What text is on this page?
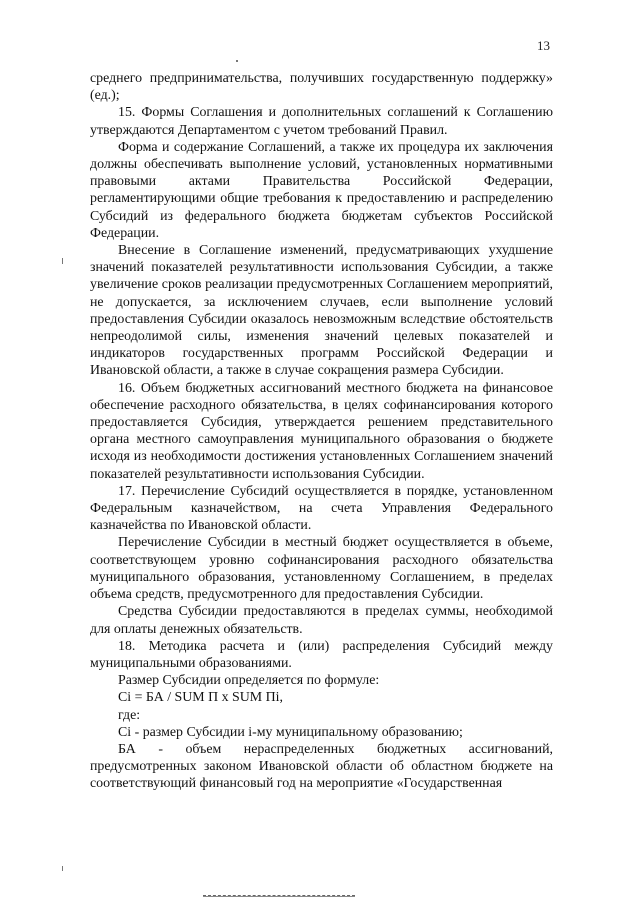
13

среднего предпринимательства, получивших государственную поддержку» (ед.);

15. Формы Соглашения и дополнительных соглашений к Соглашению утверждаются Департаментом с учетом требований Правил.

Форма и содержание Соглашений, а также их процедура их заключения должны обеспечивать выполнение условий, установленных нормативными правовыми актами Правительства Российской Федерации, регламентирующими общие требования к предоставлению и распределению Субсидий из федерального бюджета бюджетам субъектов Российской Федерации.

Внесение в Соглашение изменений, предусматривающих ухудшение значений показателей результативности использования Субсидии, а также увеличение сроков реализации предусмотренных Соглашением мероприятий, не допускается, за исключением случаев, если выполнение условий предоставления Субсидии оказалось невозможным вследствие обстоятельств непреодолимой силы, изменения значений целевых показателей и индикаторов государственных программ Российской Федерации и Ивановской области, а также в случае сокращения размера Субсидии.

16. Объем бюджетных ассигнований местного бюджета на финансовое обеспечение расходного обязательства, в целях софинансирования которого предоставляется Субсидия, утверждается решением представительного органа местного самоуправления муниципального образования о бюджете исходя из необходимости достижения установленных Соглашением значений показателей результативности использования Субсидии.

17. Перечисление Субсидий осуществляется в порядке, установленном Федеральным казначейством, на счета Управления Федерального казначейства по Ивановской области.

Перечисление Субсидии в местный бюджет осуществляется в объеме, соответствующем уровню софинансирования расходного обязательства муниципального образования, установленному Соглашением, в пределах объема средств, предусмотренного для предоставления Субсидии.

Средства Субсидии предоставляются в пределах суммы, необходимой для оплаты денежных обязательств.

18. Методика расчета и (или) распределения Субсидий между муниципальными образованиями.

Размер Субсидии определяется по формуле:

Сi = БА / SUM П x SUM Пi,

где:

Сi - размер Субсидии i-му муниципальному образованию;

БА - объем нераспределенных бюджетных ассигнований, предусмотренных законом Ивановской области об областном бюджете на соответствующий финансовый год на мероприятие «Государственная
